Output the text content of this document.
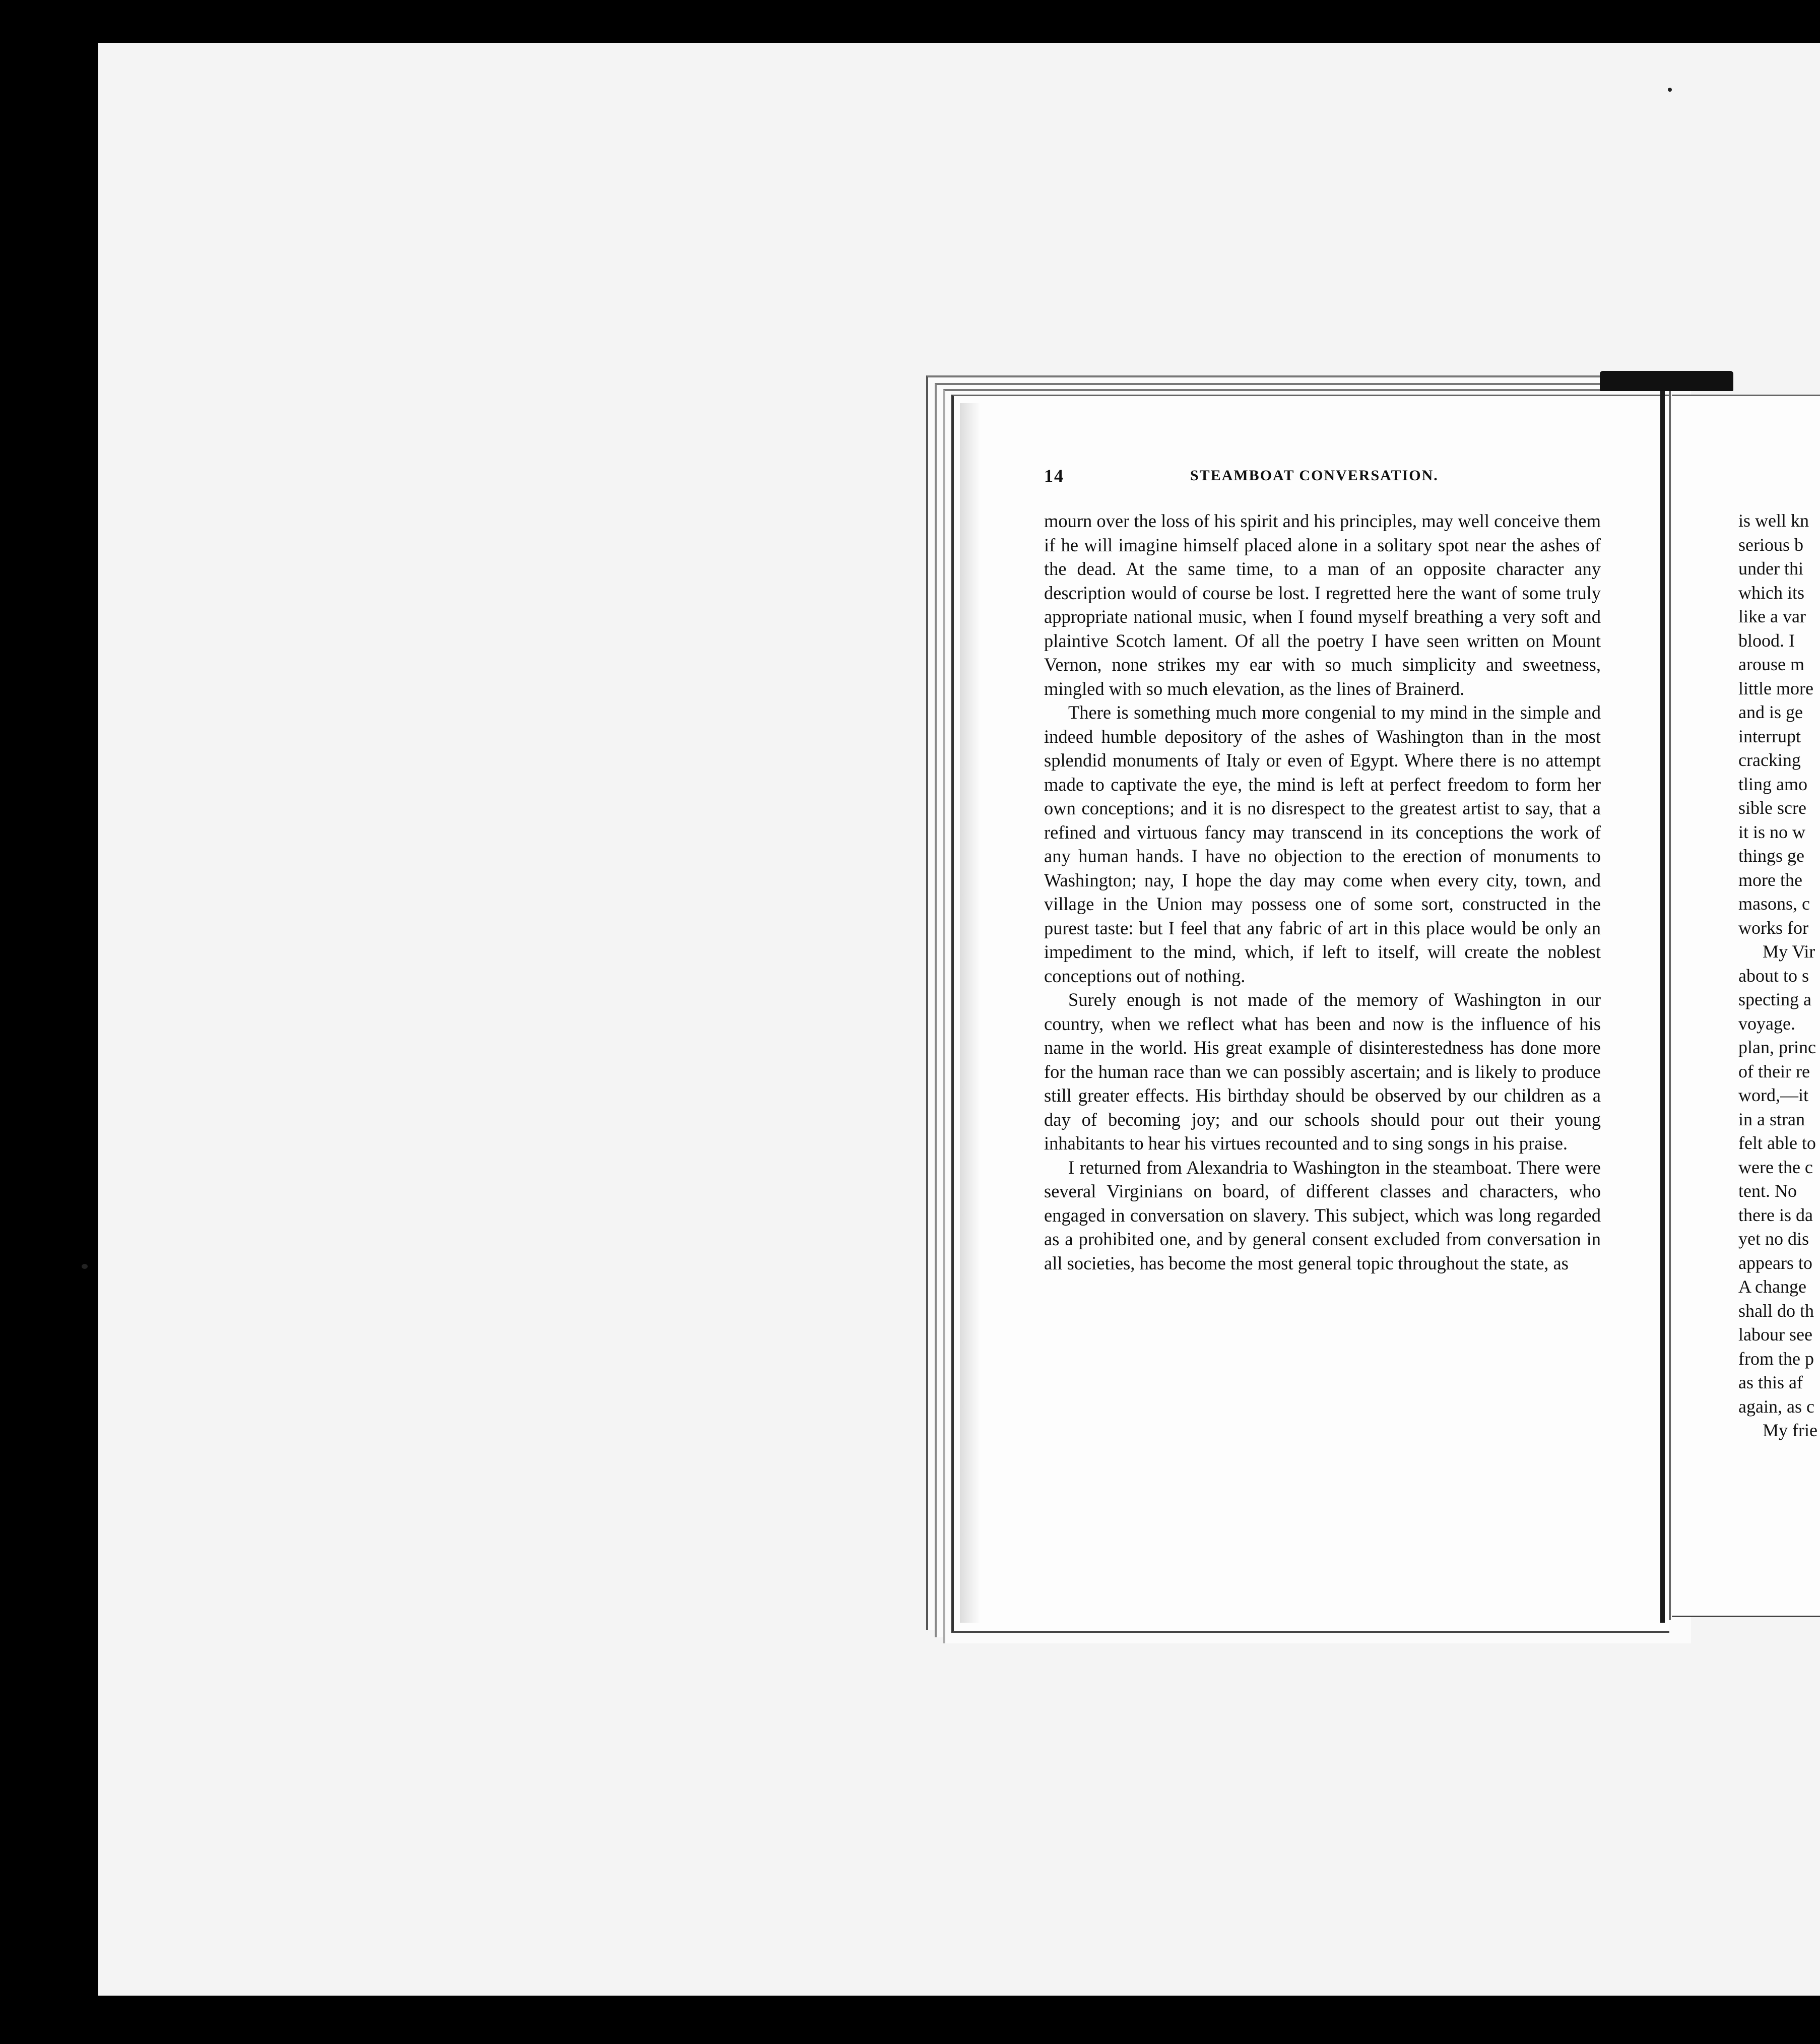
14	STEAMBOAT CONVERSATION.

mourn over the loss of his spirit and his principles, may well conceive them if he will imagine himself placed alone in a solitary spot near the ashes of the dead. At the same time, to a man of an opposite character any description would of course be lost. I regretted here the want of some truly appropriate national music, when I found myself breathing a very soft and plaintive Scotch lament. Of all the poetry I have seen written on Mount Vernon, none strikes my ear with so much simplicity and sweetness, mingled with so much elevation, as the lines of Brainerd.

There is something much more congenial to my mind in the simple and indeed humble depository of the ashes of Washington than in the most splendid monuments of Italy or even of Egypt. Where there is no attempt made to captivate the eye, the mind is left at perfect freedom to form her own conceptions; and it is no disrespect to the greatest artist to say, that a refined and virtuous fancy may transcend in its conceptions the work of any human hands. I have no objection to the erection of monuments to Washington; nay, I hope the day may come when every city, town, and village in the Union may possess one of some sort, constructed in the purest taste: but I feel that any fabric of art in this place would be only an impediment to the mind, which, if left to itself, will create the noblest conceptions out of nothing.

Surely enough is not made of the memory of Washington in our country, when we reflect what has been and now is the influence of his name in the world. His great example of disinterestedness has done more for the human race than we can possibly ascertain; and is likely to produce still greater effects. His birthday should be observed by our children as a day of becoming joy; and our schools should pour out their young inhabitants to hear his virtues recounted and to sing songs in his praise.

I returned from Alexandria to Washington in the steamboat. There were several Virginians on board, of different classes and characters, who engaged in conversation on slavery. This subject, which was long regarded as a prohibited one, and by general consent excluded from conversation in all societies, has become the most general topic throughout the state, as

is well kn
serious b
under thi
which its
like a var
blood. I
arouse m
little more
and is ge
interrupt
cracking
tling amo
sible scre
it is no w
things ge
more the
masons, c
works for
My Vir
about to s
specting a
voyage.
plan, princ
of their re
word,—it
in a stran
felt able to
were the c
tent. No
there is da
yet no dis
appears to
A change
shall do th
labour see
from the p
as this af
again, as c
My frie
